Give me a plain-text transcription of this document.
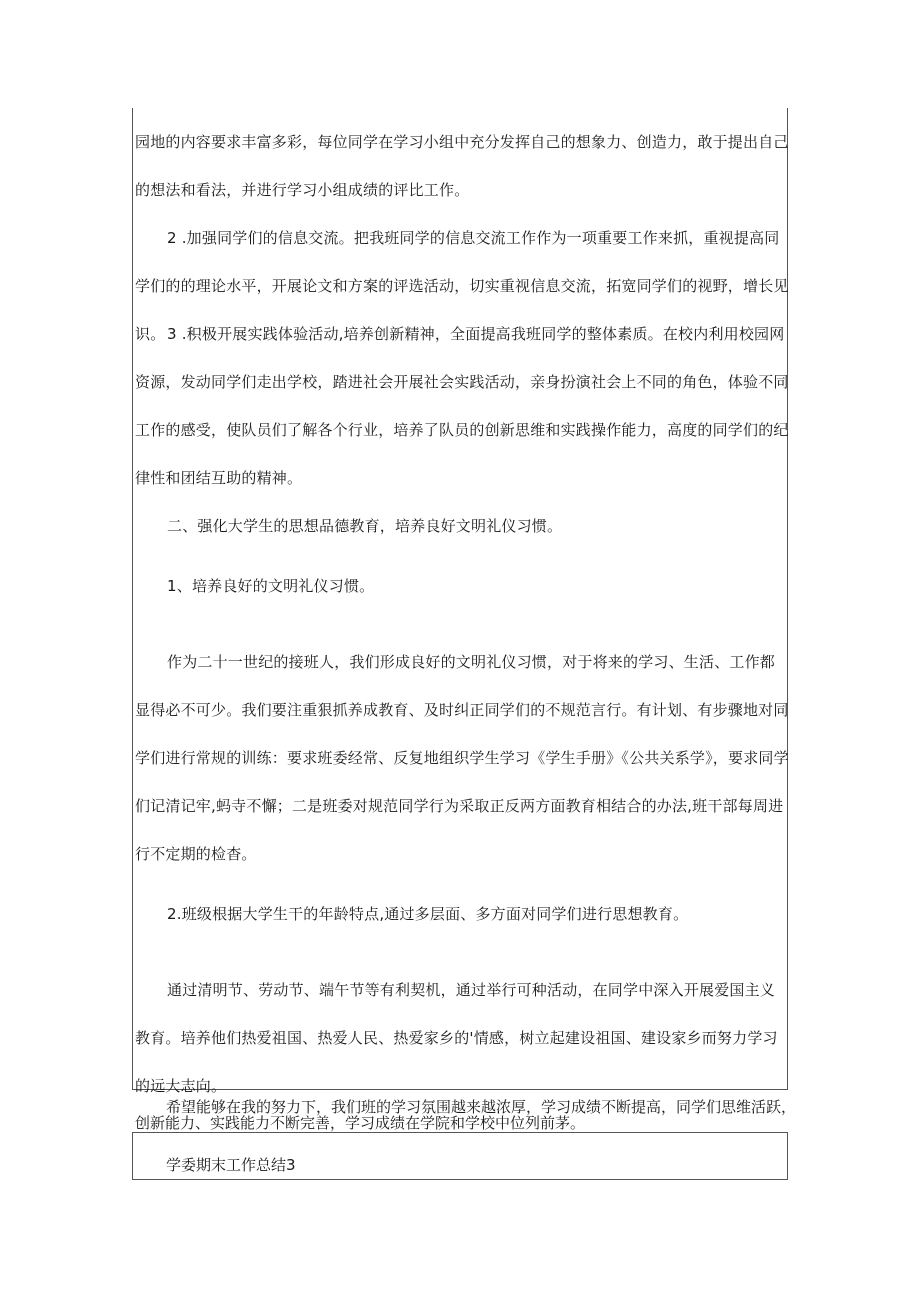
园地的内容要求丰富多彩，每位同学在学习小组中充分发挥自己的想象力、创造力，敢于提出自己的想法和看法，并进行学习小组成绩的评比工作。

2 .加强同学们的信息交流。把我班同学的信息交流工作作为一项重要工作来抓，重视提高同学们的的理论水平，开展论文和方案的评选活动，切实重视信息交流，拓宽同学们的视野，增长见识。 3 .积极开展实践体验活动,培养创新精神，全面提高我班同学的整体素质。在校内利用校园网资源，发动同学们走出学校，踏进社会开展社会实践活动，亲身扮演社会上不同的角色，体验不同工作的感受，使队员们了解各个行业，培养了队员的创新思维和实践操作能力，高度的同学们的纪律性和团结互助的精神。

二、强化大学生的思想品德教育，培养良好文明礼仪习惯。

1、培养良好的文明礼仪习惯。

作为二十一世纪的接班人，我们形成良好的文明礼仪习惯，对于将来的学习、生活、工作都显得必不可少。我们要注重狠抓养成教育、及时纠正同学们的不规范言行。有计划、有步骤地对同学们进行常规的训练：要求班委经常、反复地组织学生学习《学生手册》《公共关系学》，要求同学们记清记牢,蚂寺不懈；二是班委对规范同学行为采取正反两方面教育相结合的办法,班干部每周进行不定期的检杳。

2.班级根据大学生干的年龄特点,通过多层面、多方面对同学们进行思想教育。

通过清明节、劳动节、端午节等有利契机，通过举行可种活动，在同学中深入开展爱国主义教育。培养他们热爱祖国、热爱人民、热爱家乡的'情感，树立起建设祖国、建设家乡而努力学习的远大志向。

希望能够在我的努力下，我们班的学习氛围越来越浓厚，学习成绩不断提高，同学们思维活跃，

创新能力、实践能力不断完善，学习成绩在学院和学校中位列前茅。

学委期末工作总结3
